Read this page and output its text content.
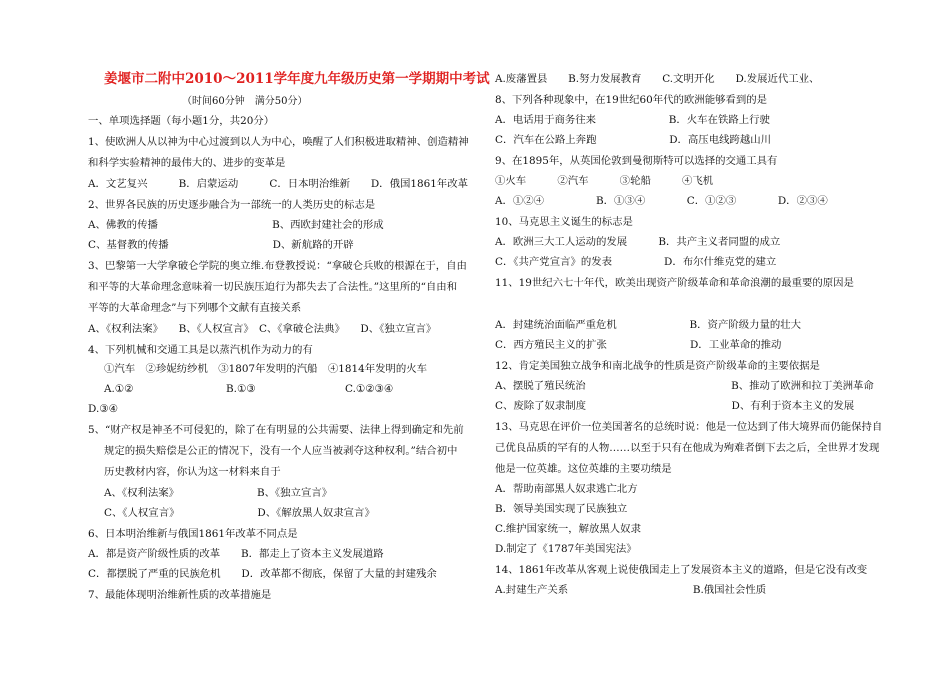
姜堰市二附中2010～2011学年度九年级历史第一学期期中考试
（时间60分钟　满分50分）
一、单项选择题（每小题1分，共20分）
1、使欧洲人从以神为中心过渡到以人为中心，唤醒了人们积极进取精神、创造精神
和科学实验精神的最伟大的、进步的变革是
A．文艺复兴　　　B．启蒙运动　　　C．日本明治维新　　D．俄国1861年改革
2、世界各民族的历史逐步融合为一部统一的人类历史的标志是
A、佛教的传播　　　　　　　　　　　B、西欧封建社会的形成
C、基督教的传播　　　　　　　　　　D、新航路的开辟
3、巴黎第一大学拿破仑学院的奥立维.布登教授说：“拿破仑兵败的根源在于，自由
和平等的大革命理念意味着一切民族压迫行为都失去了合法性。”这里所的“自由和
平等的大革命理念”与下列哪个文献有直接关系
A、《权利法案》　　B、《人权宣言》　C、《拿破仑法典》　　D、《独立宣言》
4、下列机械和交通工具是以蒸汽机作为动力的有
①汽车　②珍妮纺纱机　③1807年发明的汽船　④1814年发明的火车
A.①②	B.①③	C.①②③④
D.③④
5、“财产权是神圣不可侵犯的，除了在有明显的公共需要、法律上得到确定和先前
规定的损失赔偿是公正的情况下，没有一个人应当被剥夺这种权利。”结合初中
历史教材内容，你认为这一材料来自于
A、《权利法案》　　　　　　　　B、《独立宣言》
C、《人权宣言》　　　　　　　　D、《解放黑人奴隶宣言》
6、日本明治维新与俄国1861年改革不同点是
A．都是资产阶级性质的改革　　B．都走上了资本主义发展道路
C．都摆脱了严重的民族危机　　D．改革都不彻底，保留了大量的封建残余
7、最能体现明治维新性质的改革措施是
A.废藩置县　　B.努力发展教育　　C.文明开化　　D.发展近代工业、
8、下列各种现象中，在19世纪60年代的欧洲能够看到的是
A．电话用于商务往来　　　　　　　B．火车在铁路上行驶
C．汽车在公路上奔跑　　　　　　　D．高压电线跨越山川
9、在1895年，从英国伦敦到曼彻斯特可以选择的交通工具有
①火车　　　②汽车　　　③轮船　　　④飞机
A．①②④　　　　　B．①③④　　　　C．①②③　　　　D．②③④
10、马克思主义诞生的标志是
A．欧洲三大工人运动的发展　　　B．共产主义者同盟的成立
C．《共产党宣言》的发表　　　　　D．布尔什维克党的建立
11、19世纪六七十年代，欧美出现资产阶级革命和革命浪潮的最重要的原因是
A．封建统治面临严重危机　　　　　　　B．资产阶级力量的壮大
C．西方殖民主义的扩张　　　　　　　　D．工业革命的推动
12、肯定美国独立战争和南北战争的性质是资产阶级革命的主要依据是
A、摆脱了殖民统治　　　　　　　　　　　　　　B、推动了欧洲和拉丁美洲革命
C、废除了奴隶制度　　　　　　　　　　　　　　D、有利于资本主义的发展
13、马克思在评价一位美国著名的总统时说：他是一位达到了伟大境界而仍能保持自
己优良品质的罕有的人物……以至于只有在他成为殉难者倒下去之后，全世界才发现
他是一位英雄。这位英雄的主要功绩是
A．帮助南部黑人奴隶逃亡北方
B．领导美国实现了民族独立
C.维护国家统一，解放黑人奴隶
D.制定了《1787年美国宪法》
14、1861年改革从客观上说使俄国走上了发展资本主义的道路，但是它没有改变
A.封建生产关系　　　　　　　　　　　　B.俄国社会性质
